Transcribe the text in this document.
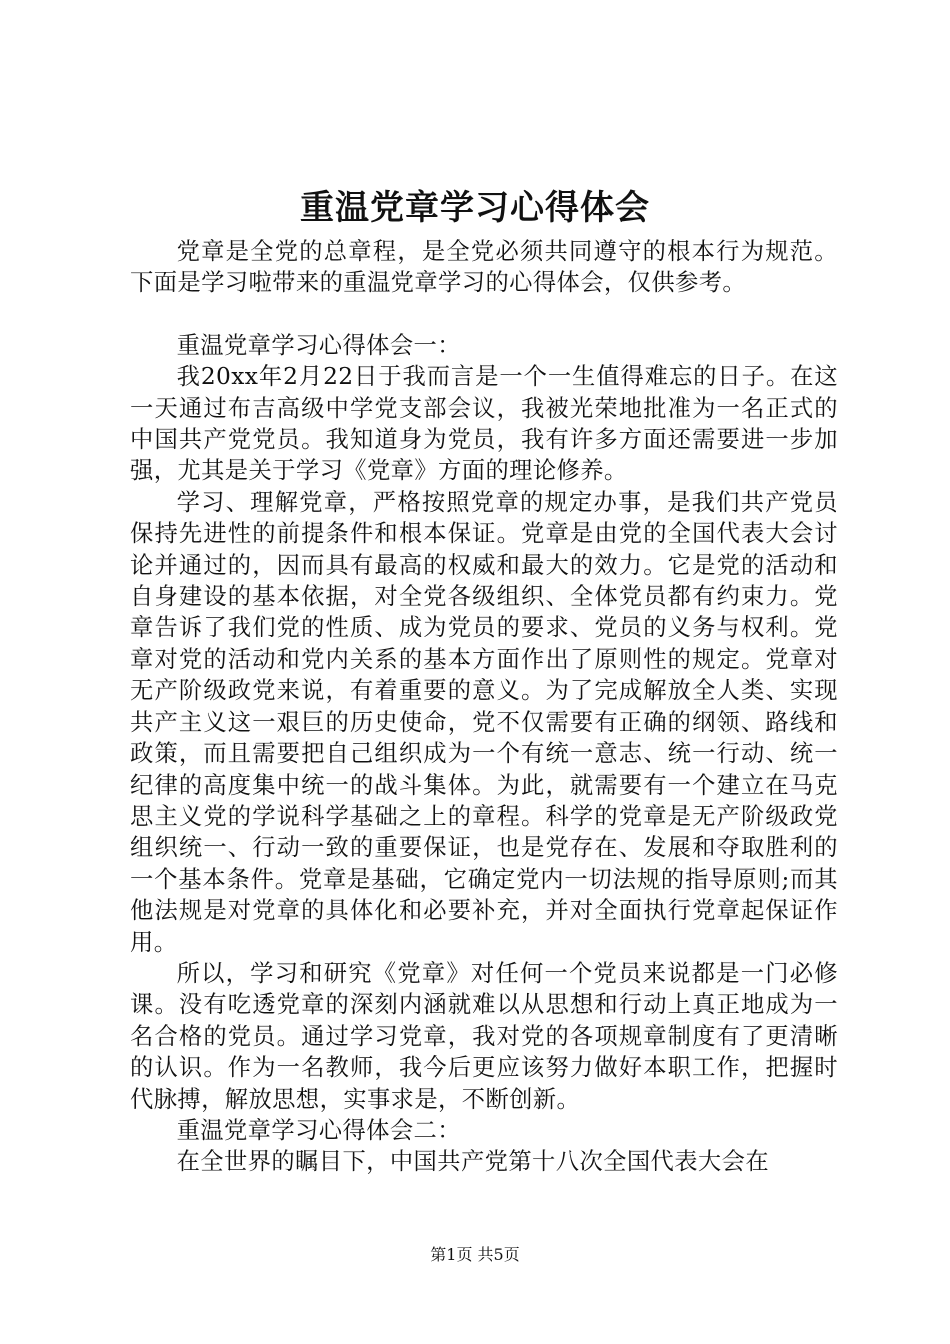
重温党章学习心得体会

党章是全党的总章程，是全党必须共同遵守的根本行为规范。下面是学习啦带来的重温党章学习的心得体会，仅供参考。

重温党章学习心得体会一：

我20xx年2月22日于我而言是一个一生值得难忘的日子。在这一天通过布吉高级中学党支部会议，我被光荣地批准为一名正式的中国共产党党员。我知道身为党员，我有许多方面还需要进一步加强，尤其是关于学习《党章》方面的理论修养。

学习、理解党章，严格按照党章的规定办事，是我们共产党员保持先进性的前提条件和根本保证。党章是由党的全国代表大会讨论并通过的，因而具有最高的权威和最大的效力。它是党的活动和自身建设的基本依据，对全党各级组织、全体党员都有约束力。党章告诉了我们党的性质、成为党员的要求、党员的义务与权利。党章对党的活动和党内关系的基本方面作出了原则性的规定。党章对无产阶级政党来说，有着重要的意义。为了完成解放全人类、实现共产主义这一艰巨的历史使命，党不仅需要有正确的纲领、路线和政策，而且需要把自己组织成为一个有统一意志、统一行动、统一纪律的高度集中统一的战斗集体。为此，就需要有一个建立在马克思主义党的学说科学基础之上的章程。科学的党章是无产阶级政党组织统一、行动一致的重要保证，也是党存在、发展和夺取胜利的一个基本条件。党章是基础，它确定党内一切法规的指导原则;而其他法规是对党章的具体化和必要补充，并对全面执行党章起保证作用。

所以，学习和研究《党章》对任何一个党员来说都是一门必修课。没有吃透党章的深刻内涵就难以从思想和行动上真正地成为一名合格的党员。通过学习党章，我对党的各项规章制度有了更清晰的认识。作为一名教师，我今后更应该努力做好本职工作，把握时代脉搏，解放思想，实事求是，不断创新。

重温党章学习心得体会二：

在全世界的瞩目下，中国共产党第十八次全国代表大会在

第1页 共5页
